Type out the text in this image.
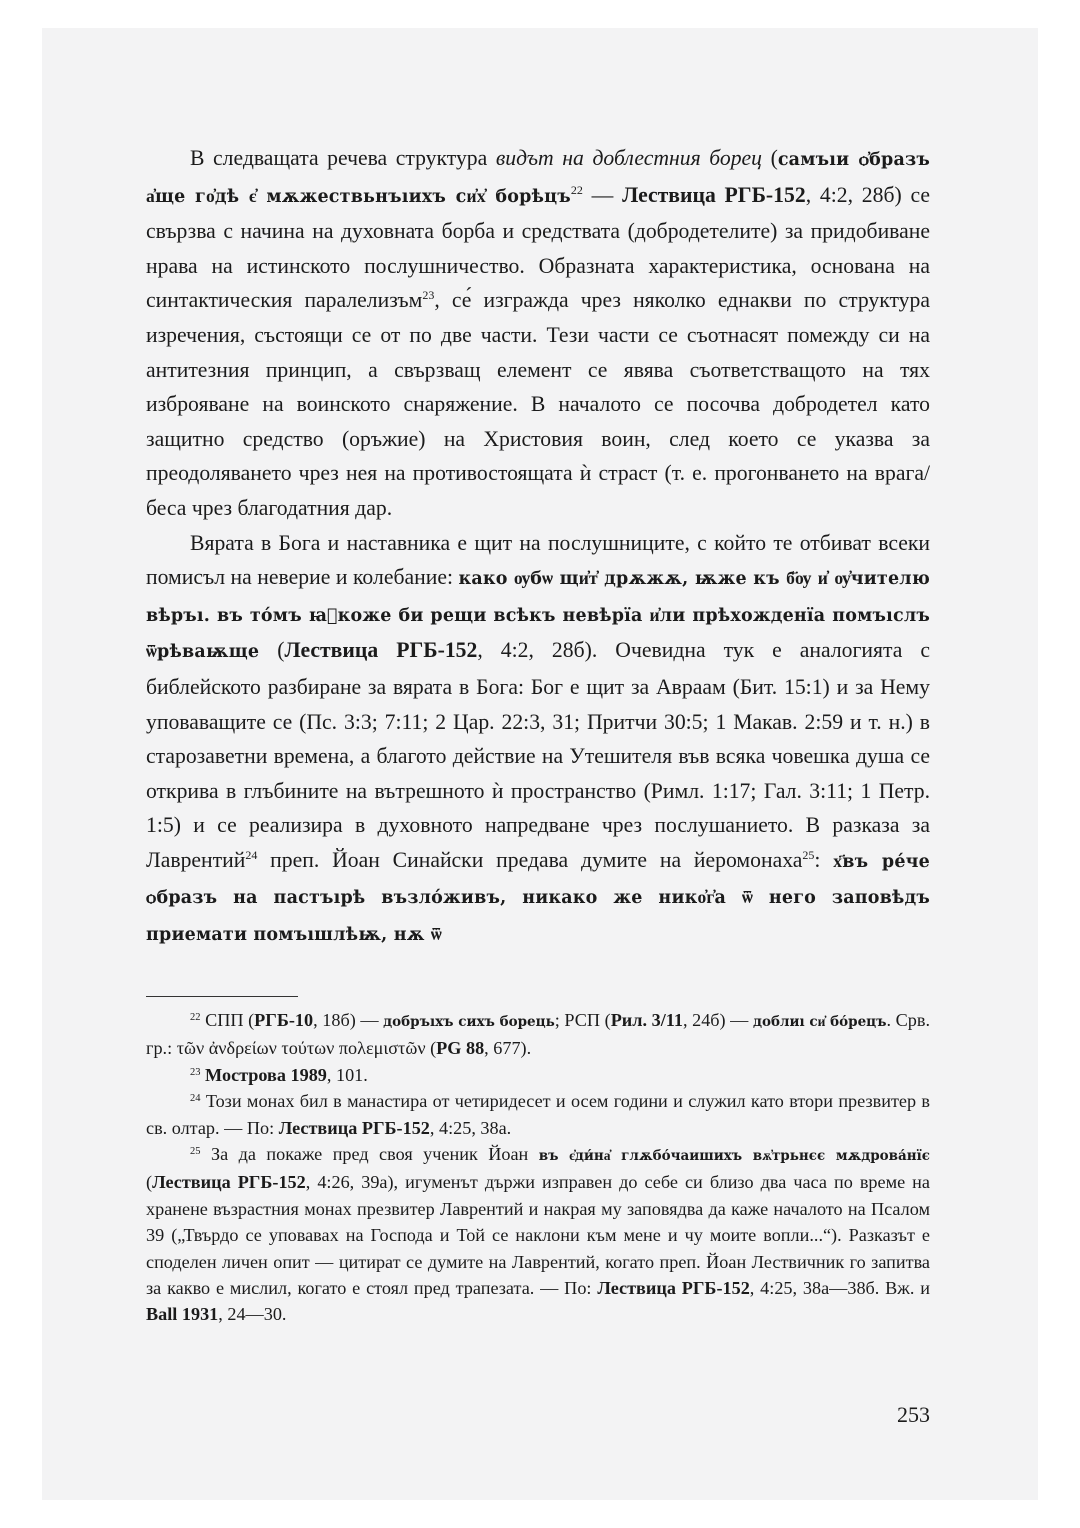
В следващата речева структура видът на доблестния борец (самъıи ѻ҆бразъ а҆ще го҆дѣ є҆ мѫжествьнъıихъ си҆х҆ борѣцъ$^{22}$ — Лествица РГБ-152, 4:2, 28б) се свързва с начина на духовната борба и средствата (добродетелите) за придобиване нрава на истинското послушничество. Образната характеристика, основана на синтактическия паралелизъм$^{23}$, се́ изгражда чрез няколко еднакви по структура изречения, състоящи се от по две части. Тези части се съотнасят помежду си на антитезния принцип, а свързващ елемент се явява съответстващото на тях изброяване на воинското снаряжение. В началото се посочва добродетел като защитно средство (оръжие) на Христовия воин, след което се указва за преодоляването чрез нея на противостоящата ѝ страст (т. е. прогонването на врага/беса чрез благодатния дар.

Вярата в Бога и наставника е щит на послушниците, с който те отбиват всеки помисъл на неверие и колебание: како ѹбѡ щи҆т҆ дрѫжѫ, ѭже къ б҃ѹ и҆ ѹ҆чителю вѣръı. въ то́мъ ꙗ҆коже би рещи всѣкъ невѣрїа и҆ли прѣхожденїа помъıслъ ѿрѣваѭще (Лествица РГБ-152, 4:2, 28б). Очевидна тук е аналогията с библейското разбиране за вярата в Бога: Бог е щит за Авраам (Бит. 15:1) и за Нему уповаващите се (Пс. 3:3; 7:11; 2 Цар. 22:3, 31; Притчи 30:5; 1 Макав. 2:59 и т. н.) в старозаветни времена, а благото действие на Утешителя във всяка човешка душа се открива в глъбините на вътрешното ѝ пространство (Римл. 1:17; Гал. 3:11; 1 Петр. 1:5) и се реализира в духовното напредване чрез послушанието. В разказа за Лаврентий$^{24}$ преп. Йоан Синайски предава думите на йеромонаха$^{25}$: х҃въ ре́че ѻбразъ на пастъıрѣ възло́живъ, никако же нико҆г҆а ѿ него заповѣдъ приемати помъıшлѣѭ, нѫ ѿ

$^{22}$ СПП (РГБ-10, 18б) — добръıхъ сихъ борець; РСП (Рил. 3/11, 24б) — доблиı си҆ бо́рецъ. Срв. гр.: τῶν ἀνδρείων τούτων πολεμιστῶν (PG 88, 677).

$^{23}$ Мострова 1989, 101.

$^{24}$ Този монах бил в манастира от четиридесет и осем години и служил като втори презвитер в св. олтар. — По: Лествица РГБ-152, 4:25, 38а.

$^{25}$ За да покаже пред своя ученик Йоан въ є҆ди́на҆ глѫбо́чаишихъ вѫ҆трьнєє мѫдрова́нїє (Лествица РГБ-152, 4:26, 39а), игуменът държи изправен до себе си близо два часа по време на хранене възрастния монах презвитер Лаврентий и накрая му заповядва да каже началото на Псалом 39 („Твърдо се уповавах на Господа и Той се наклони към мене и чу моите вопли...“). Разказът е споделен личен опит — цитират се думите на Лаврентий, когато преп. Йоан Лествичник го запитва за какво е мислил, когато е стоял пред трапезата. — По: Лествица РГБ-152, 4:25, 38а—38б. Вж. и Ball 1931, 24—30.

253
